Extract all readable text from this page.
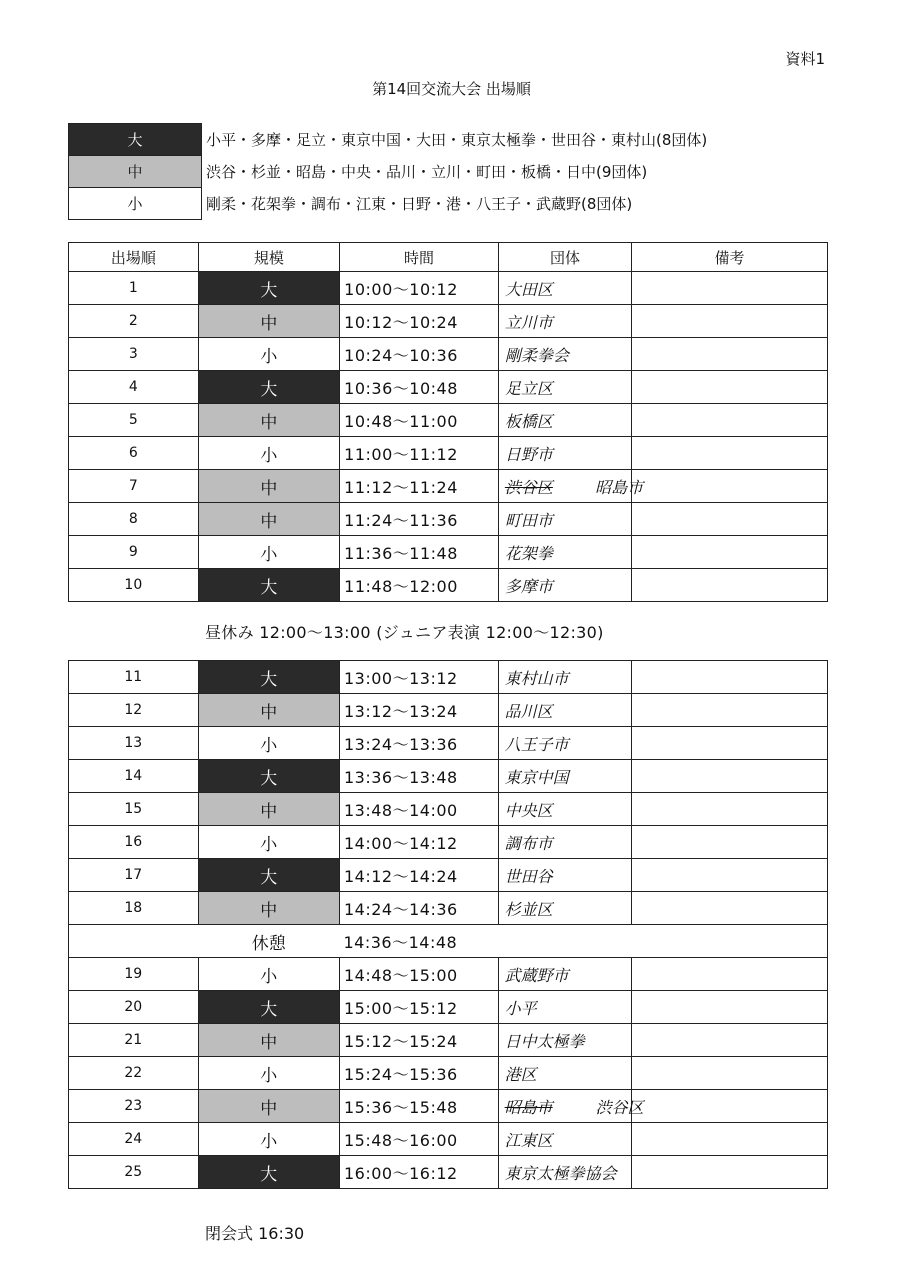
資料1
第14回交流大会 出場順
大	小平・多摩・足立・東京中国・大田・東京太極拳・世田谷・東村山(8団体)
中	渋谷・杉並・昭島・中央・品川・立川・町田・板橋・日中(9団体)
小	剛柔・花架拳・調布・江東・日野・港・八王子・武蔵野(8団体)
出場順	規模	時間	団体	備考
1	大	10:00～10:12	大田区	
2	中	10:12～10:24	立川市	
3	小	10:24～10:36	剛柔拳会	
4	大	10:36～10:48	足立区	
5	中	10:48～11:00	板橋区	
6	小	11:00～11:12	日野市	
7	中	11:12～11:24	渋谷区 昭島市	

8	中	11:24～11:36	町田市	
9	小	11:36～11:48	花架拳	
10	大	11:48～12:00	多摩市	
昼休み 12:00～13:00 (ジュニア表演 12:00～12:30)
11	大	13:00～13:12	東村山市	
12	中	13:12～13:24	品川区	
13	小	13:24～13:36	八王子市	
14	大	13:36～13:48	東京中国	
15	中	13:48～14:00	中央区	
16	小	14:00～14:12	調布市	
17	大	14:12～14:24	世田谷	
18	中	14:24～14:36	杉並区	
	休憩	14:36～14:48		
19	小	14:48～15:00	武蔵野市	
20	大	15:00～15:12	小平	
21	中	15:12～15:24	日中太極拳	
22	小	15:24～15:36	港区	
23	中	15:36～15:48	昭島市 渋谷区	

24	小	15:48～16:00	江東区	
25	大	16:00～16:12	東京太極拳協会	
閉会式 16:30
